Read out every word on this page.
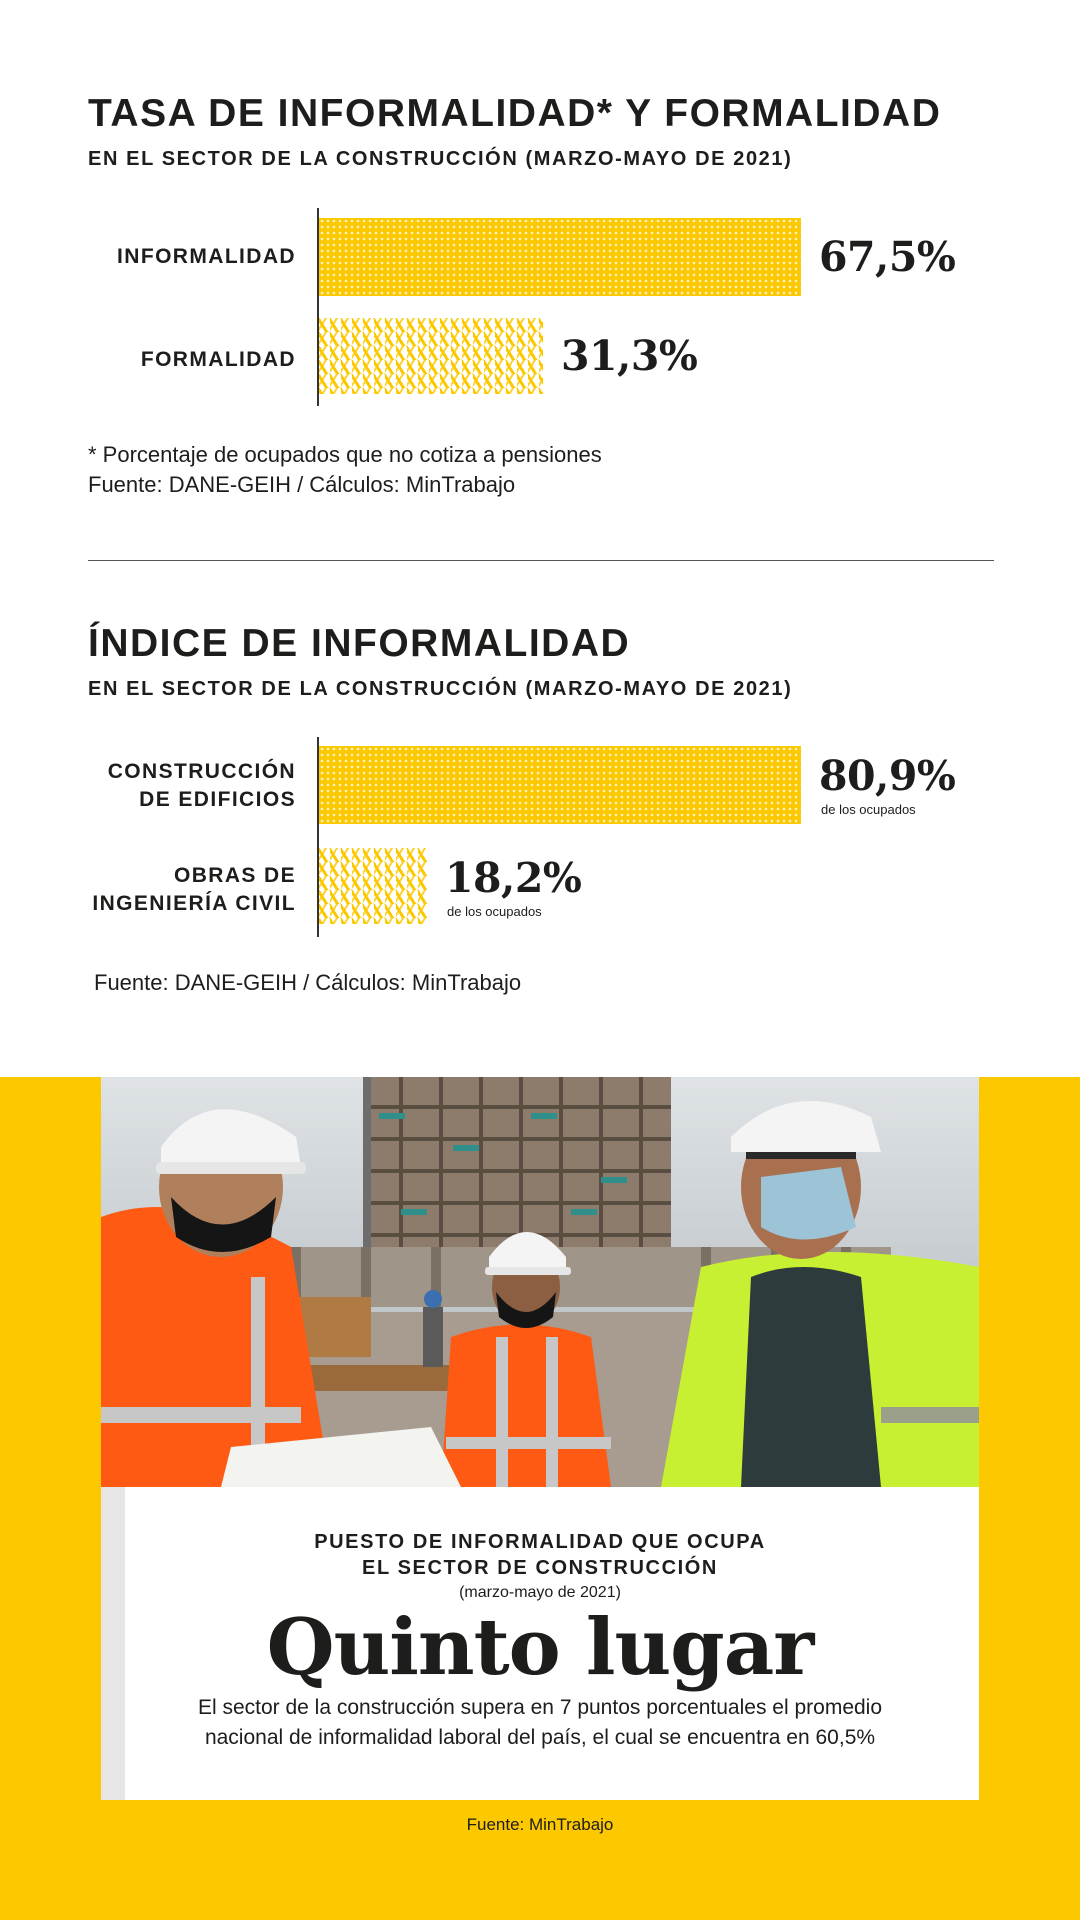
TASA DE INFORMALIDAD* Y FORMALIDAD
EN EL SECTOR DE LA CONSTRUCCIÓN (MARZO-MAYO DE 2021)
INFORMALIDAD	67,5%
FORMALIDAD	31,3%
* Porcentaje de ocupados que no cotiza a pensiones
Fuente: DANE-GEIH / Cálculos: MinTrabajo
ÍNDICE DE INFORMALIDAD
EN EL SECTOR DE LA CONSTRUCCIÓN (MARZO-MAYO DE 2021)
CONSTRUCCIÓN
DE EDIFICIOS	80,9%
de los ocupados
OBRAS DE
INGENIERÍA CIVIL
18,2%
de los ocupados
Fuente: DANE-GEIH / Cálculos: MinTrabajo
PUESTO DE INFORMALIDAD QUE OCUPA
EL SECTOR DE CONSTRUCCIÓN
(marzo-mayo de 2021)
Quinto lugar
El sector de la construcción supera en 7 puntos porcentuales el promedio
nacional de informalidad laboral del país, el cual se encuentra en 60,5%
Fuente: MinTrabajo
